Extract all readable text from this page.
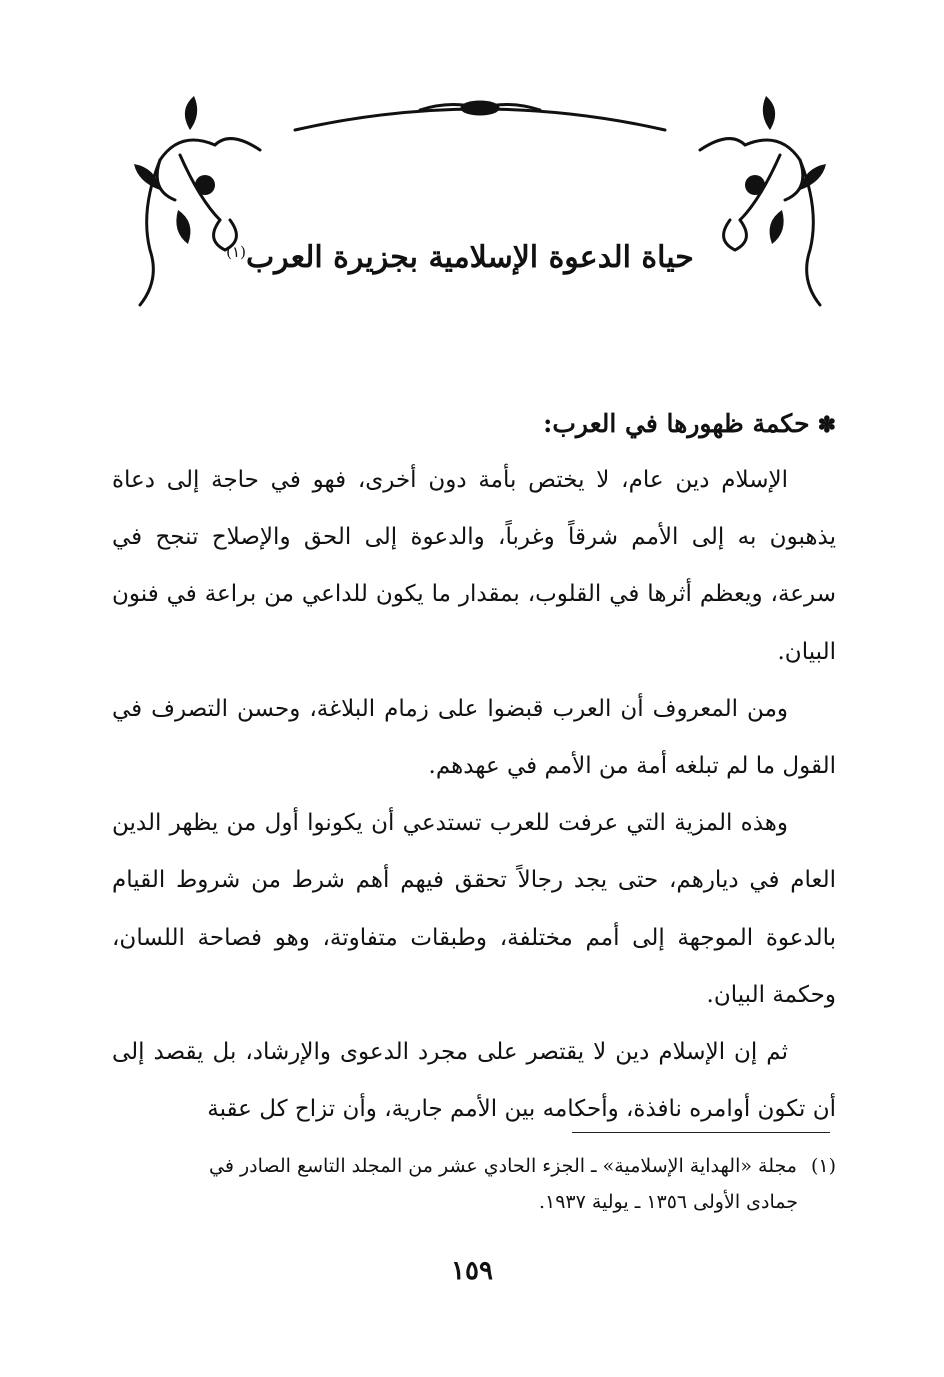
حياة الدعوة الإسلامية بجزيرة العرب$^{(١)}$
✽حكمة ظهورها في العرب:

الإسلام دين عام، لا يختص بأمة دون أخرى، فهو في حاجة إلى دعاة يذهبون به إلى الأمم شرقاً وغرباً، والدعوة إلى الحق والإصلاح تنجح في سرعة، ويعظم أثرها في القلوب، بمقدار ما يكون للداعي من براعة في فنون البيان.

ومن المعروف أن العرب قبضوا على زمام البلاغة، وحسن التصرف في القول ما لم تبلغه أمة من الأمم في عهدهم.

وهذه المزية التي عرفت للعرب تستدعي أن يكونوا أول من يظهر الدين العام في ديارهم، حتى يجد رجالاً تحقق فيهم أهم شرط من شروط القيام بالدعوة الموجهة إلى أمم مختلفة، وطبقات متفاوتة، وهو فصاحة اللسان، وحكمة البيان.

ثم إن الإسلام دين لا يقتصر على مجرد الدعوى والإرشاد، بل يقصد إلى أن تكون أوامره نافذة، وأحكامه بين الأمم جارية، وأن تزاح كل عقبة

(١)مجلة «الهداية الإسلامية» ـ الجزء الحادي عشر من المجلد التاسع الصادر في
جمادى الأولى ١٣٥٦ ـ يولية ١٩٣٧.
١٥٩
